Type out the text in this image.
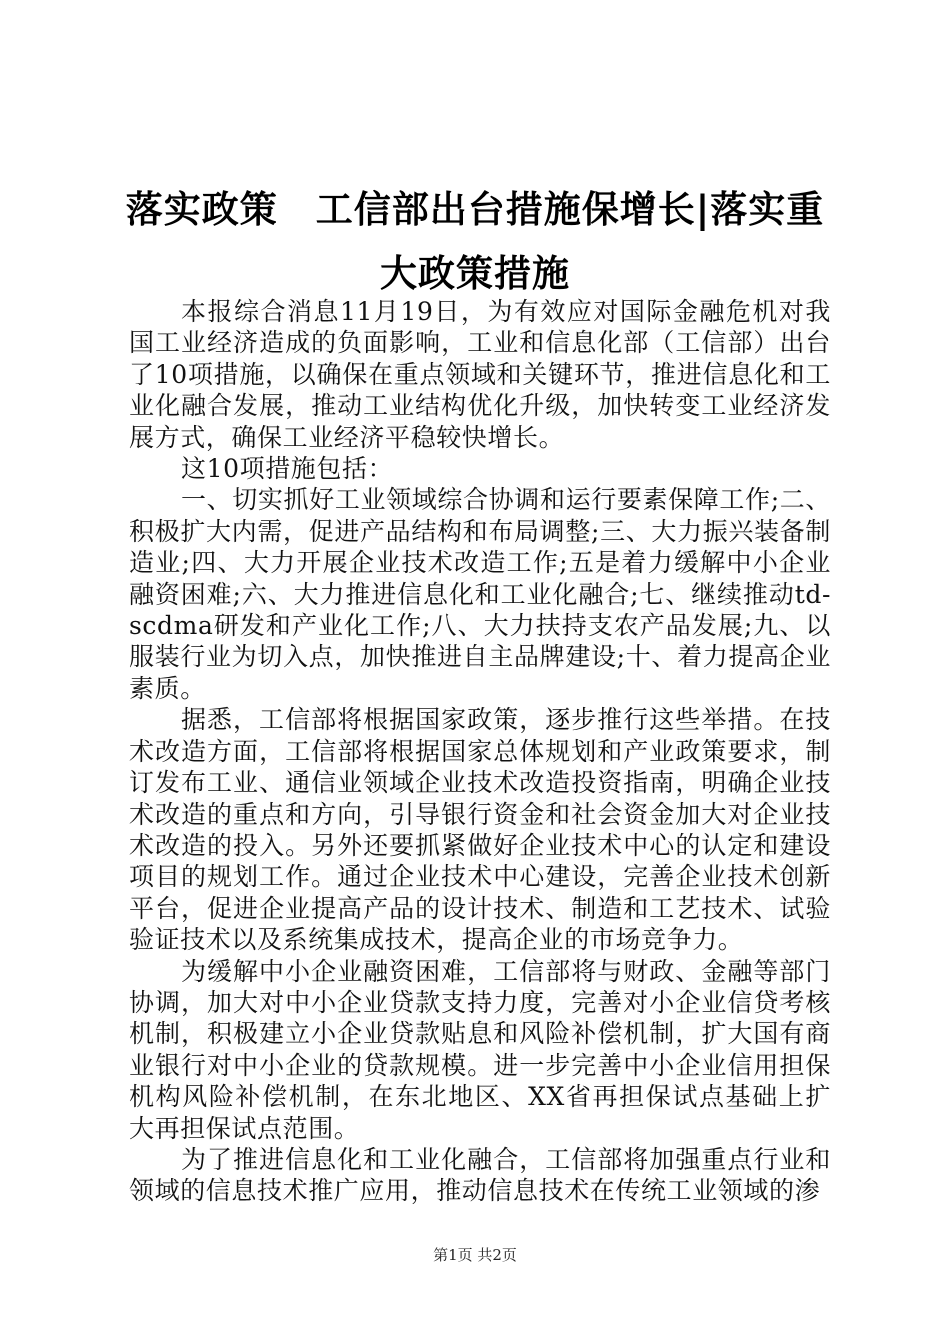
落实政策　工信部出台措施保增长|落实重大政策措施

本报综合消息11月19日，为有效应对国际金融危机对我国工业经济造成的负面影响，工业和信息化部（工信部）出台了10项措施，以确保在重点领域和关键环节，推进信息化和工业化融合发展，推动工业结构优化升级，加快转变工业经济发展方式，确保工业经济平稳较快增长。

这10项措施包括：

一、切实抓好工业领域综合协调和运行要素保障工作;二、积极扩大内需，促进产品结构和布局调整;三、大力振兴装备制造业;四、大力开展企业技术改造工作;五是着力缓解中小企业融资困难;六、大力推进信息化和工业化融合;七、继续推动td-scdma研发和产业化工作;八、大力扶持支农产品发展;九、以服装行业为切入点，加快推进自主品牌建设;十、着力提高企业素质。

据悉，工信部将根据国家政策，逐步推行这些举措。在技术改造方面，工信部将根据国家总体规划和产业政策要求，制订发布工业、通信业领域企业技术改造投资指南，明确企业技术改造的重点和方向，引导银行资金和社会资金加大对企业技术改造的投入。另外还要抓紧做好企业技术中心的认定和建设项目的规划工作。通过企业技术中心建设，完善企业技术创新平台，促进企业提高产品的设计技术、制造和工艺技术、试验验证技术以及系统集成技术，提高企业的市场竞争力。

为缓解中小企业融资困难，工信部将与财政、金融等部门协调，加大对中小企业贷款支持力度，完善对小企业信贷考核机制，积极建立小企业贷款贴息和风险补偿机制，扩大国有商业银行对中小企业的贷款规模。进一步完善中小企业信用担保机构风险补偿机制，在东北地区、XX省再担保试点基础上扩大再担保试点范围。

为了推进信息化和工业化融合，工信部将加强重点行业和领域的信息技术推广应用，推动信息技术在传统工业领域的渗

第1页 共2页
